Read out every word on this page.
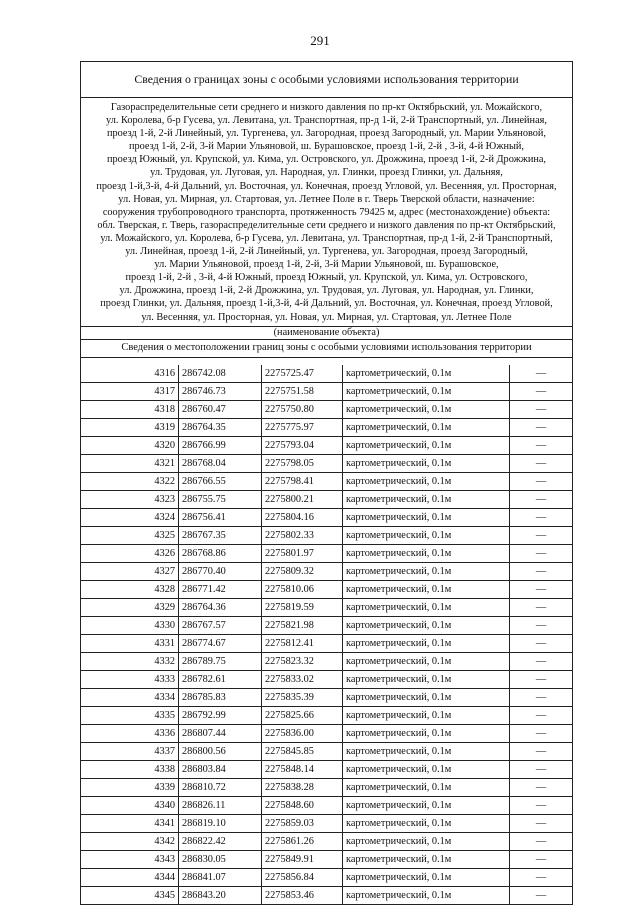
291
Сведения о границах зоны с особыми условиями использования территории
Газораспределительные сети среднего и низкого давления по пр-кт Октябрьский, ул. Можайского,
ул. Королева, б-р Гусева, ул. Левитана, ул. Транспортная, пр-д 1-й, 2-й Транспортный, ул. Линейная,
проезд 1-й, 2-й Линейный, ул. Тургенева, ул. Загородная, проезд Загородный, ул. Марии Ульяновой,
проезд 1-й, 2-й, 3-й Марии Ульяновой, ш. Бурашовское, проезд 1-й, 2-й , 3-й, 4-й Южный,
проезд Южный, ул. Крупской, ул. Кима, ул. Островского, ул. Дрожжина, проезд 1-й, 2-й Дрожжина,
ул. Трудовая, ул. Луговая, ул. Народная, ул. Глинки, проезд Глинки, ул. Дальняя,
проезд 1-й,3-й, 4-й Дальний, ул. Восточная, ул. Конечная, проезд Угловой, ул. Весенняя, ул. Просторная,
ул. Новая, ул. Мирная, ул. Стартовая, ул. Летнее Поле в г. Тверь Тверской области, назначение:
сооружения трубопроводного транспорта, протяженность 79425 м, адрес (местонахождение) объекта:
обл. Тверская, г. Тверь, газораспределительные сети среднего и низкого давления по пр-кт Октябрьский,
ул. Можайского, ул. Королева, б-р Гусева, ул. Левитана, ул. Транспортная, пр-д 1-й, 2-й Транспортный,
ул. Линейная, проезд 1-й, 2-й Линейный, ул. Тургенева, ул. Загородная, проезд Загородный,
ул. Марии Ульяновой, проезд 1-й, 2-й, 3-й Марии Ульяновой, ш. Бурашовское,
проезд 1-й, 2-й , 3-й, 4-й Южный, проезд Южный, ул. Крупской, ул. Кима, ул. Островского,
ул. Дрожжина, проезд 1-й, 2-й Дрожжина, ул. Трудовая, ул. Луговая, ул. Народная, ул. Глинки,
проезд Глинки, ул. Дальняя, проезд 1-й,3-й, 4-й Дальний, ул. Восточная, ул. Конечная, проезд Угловой,
ул. Весенняя, ул. Просторная, ул. Новая, ул. Мирная, ул. Стартовая, ул. Летнее Поле
(наименование объекта)
Сведения о местоположении границ зоны с особыми условиями использования территории
4316	286742.08	2275725.47	картометрический, 0.1м	—
4317	286746.73	2275751.58	картометрический, 0.1м	—
4318	286760.47	2275750.80	картометрический, 0.1м	—
4319	286764.35	2275775.97	картометрический, 0.1м	—
4320	286766.99	2275793.04	картометрический, 0.1м	—
4321	286768.04	2275798.05	картометрический, 0.1м	—
4322	286766.55	2275798.41	картометрический, 0.1м	—
4323	286755.75	2275800.21	картометрический, 0.1м	—
4324	286756.41	2275804.16	картометрический, 0.1м	—
4325	286767.35	2275802.33	картометрический, 0.1м	—
4326	286768.86	2275801.97	картометрический, 0.1м	—
4327	286770.40	2275809.32	картометрический, 0.1м	—
4328	286771.42	2275810.06	картометрический, 0.1м	—
4329	286764.36	2275819.59	картометрический, 0.1м	—
4330	286767.57	2275821.98	картометрический, 0.1м	—
4331	286774.67	2275812.41	картометрический, 0.1м	—
4332	286789.75	2275823.32	картометрический, 0.1м	—
4333	286782.61	2275833.02	картометрический, 0.1м	—
4334	286785.83	2275835.39	картометрический, 0.1м	—
4335	286792.99	2275825.66	картометрический, 0.1м	—
4336	286807.44	2275836.00	картометрический, 0.1м	—
4337	286800.56	2275845.85	картометрический, 0.1м	—
4338	286803.84	2275848.14	картометрический, 0.1м	—
4339	286810.72	2275838.28	картометрический, 0.1м	—
4340	286826.11	2275848.60	картометрический, 0.1м	—
4341	286819.10	2275859.03	картометрический, 0.1м	—
4342	286822.42	2275861.26	картометрический, 0.1м	—
4343	286830.05	2275849.91	картометрический, 0.1м	—
4344	286841.07	2275856.84	картометрический, 0.1м	—
4345	286843.20	2275853.46	картометрический, 0.1м	—
